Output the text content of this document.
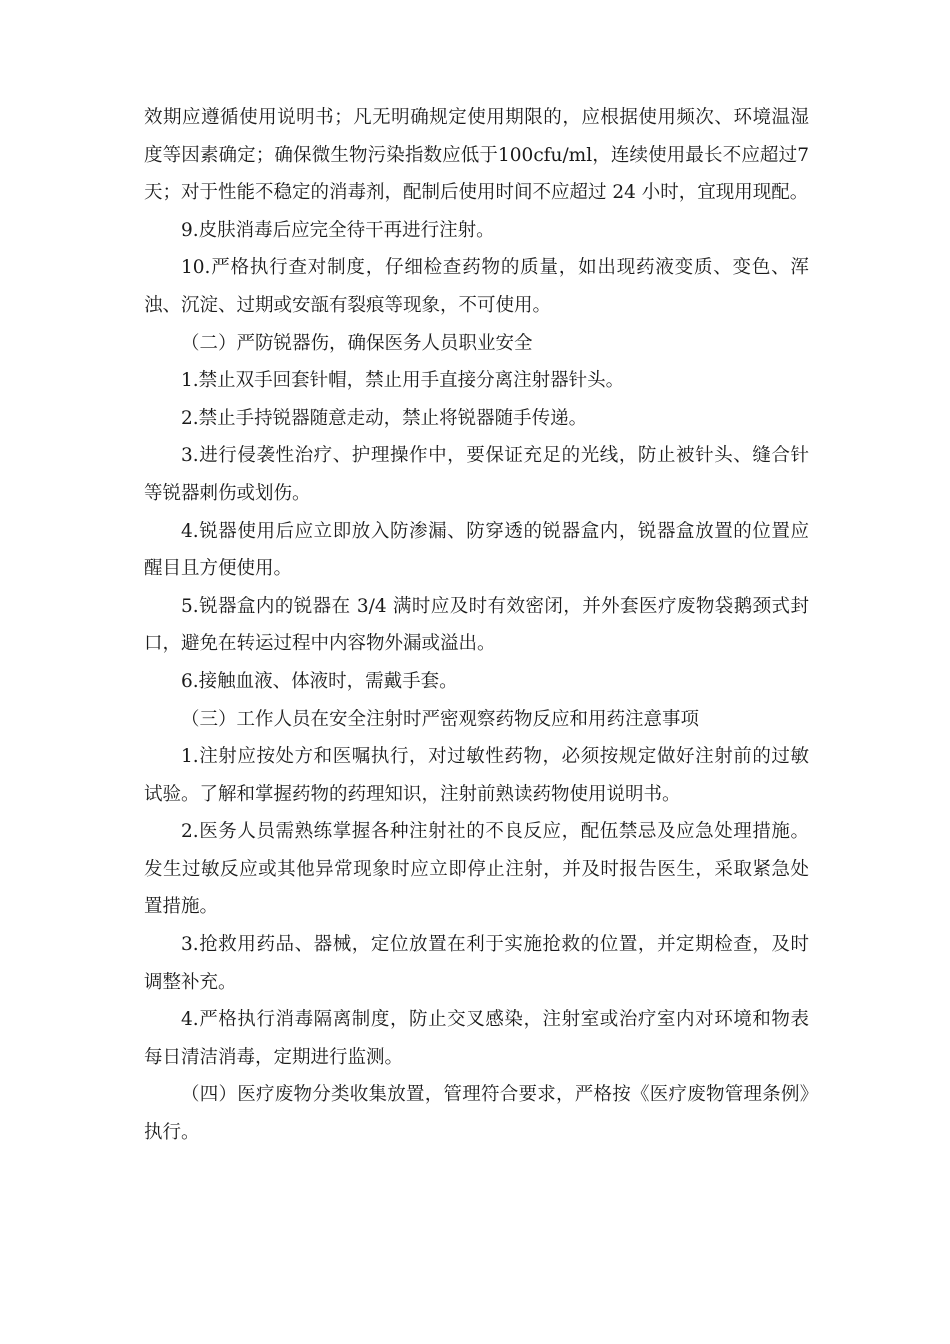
效期应遵循使用说明书；凡无明确规定使用期限的，应根据使用频次、环境温湿度等因素确定；确保微生物污染指数应低于100cfu/ml，连续使用最长不应超过7 天；对于性能不稳定的消毒剂，配制后使用时间不应超过 24 小时，宜现用现配。

9.皮肤消毒后应完全待干再进行注射。

10.严格执行查对制度，仔细检查药物的质量，如出现药液变质、变色、浑浊、沉淀、过期或安瓿有裂痕等现象，不可使用。

（二）严防锐器伤，确保医务人员职业安全

1.禁止双手回套针帽，禁止用手直接分离注射器针头。

2.禁止手持锐器随意走动，禁止将锐器随手传递。

3.进行侵袭性治疗、护理操作中，要保证充足的光线，防止被针头、缝合针等锐器刺伤或划伤。

4.锐器使用后应立即放入防渗漏、防穿透的锐器盒内，锐器盒放置的位置应醒目且方便使用。

5.锐器盒内的锐器在 3/4 满时应及时有效密闭，并外套医疗废物袋鹅颈式封口，避免在转运过程中内容物外漏或溢出。

6.接触血液、体液时，需戴手套。

（三）工作人员在安全注射时严密观察药物反应和用药注意事项

1.注射应按处方和医嘱执行，对过敏性药物，必须按规定做好注射前的过敏试验。了解和掌握药物的药理知识，注射前熟读药物使用说明书。

2.医务人员需熟练掌握各种注射社的不良反应，配伍禁忌及应急处理措施。发生过敏反应或其他异常现象时应立即停止注射，并及时报告医生，采取紧急处置措施。

3.抢救用药品、器械，定位放置在利于实施抢救的位置，并定期检查，及时调整补充。

4.严格执行消毒隔离制度，防止交叉感染，注射室或治疗室内对环境和物表每日清洁消毒，定期进行监测。

（四）医疗废物分类收集放置，管理符合要求，严格按《医疗废物管理条例》执行。
